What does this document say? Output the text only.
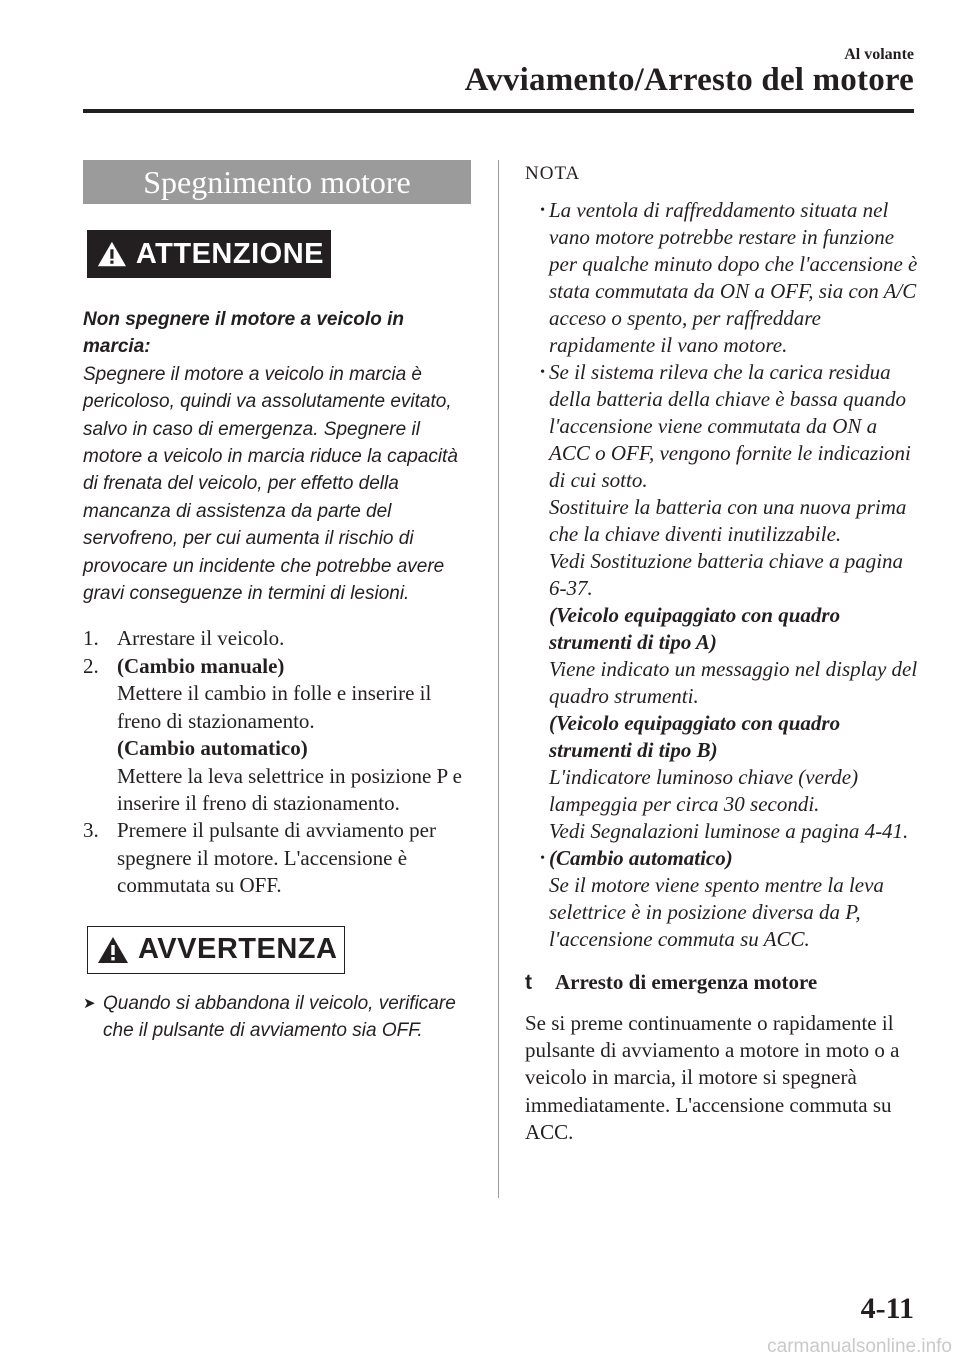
Al volante
Avviamento/Arresto del motore
Spegnimento motore
ATTENZIONE

Non spegnere il motore a veicolo in marcia:

Spegnere il motore a veicolo in marcia è pericoloso, quindi va assolutamente evitato, salvo in caso di emergenza. Spegnere il motore a veicolo in marcia riduce la capacità di frenata del veicolo, per effetto della mancanza di assistenza da parte del servofreno, per cui aumenta il rischio di provocare un incidente che potrebbe avere gravi conseguenze in termini di lesioni.

1. Arrestare il veicolo.
2. (Cambio manuale)
Mettere il cambio in folle e inserire il freno di stazionamento.
(Cambio automatico)
Mettere la leva selettrice in posizione P e inserire il freno di stazionamento.
3. Premere il pulsante di avviamento per spegnere il motore. L'accensione è commutata su OFF.
AVVERTENZA
➤ Quando si abbandona il veicolo, verificare che il pulsante di avviamento sia OFF.

NOTA

• La ventola di raffreddamento situata nel vano motore potrebbe restare in funzione per qualche minuto dopo che l'accensione è stata commutata da ON a OFF, sia con A/C acceso o spento, per raffreddare rapidamente il vano motore.

• Se il sistema rileva che la carica residua della batteria della chiave è bassa quando l'accensione viene commutata da ON a ACC o OFF, vengono fornite le indicazioni di cui sotto.

Sostituire la batteria con una nuova prima che la chiave diventi inutilizzabile.

Vedi Sostituzione batteria chiave a pagina 6-37.

(Veicolo equipaggiato con quadro strumenti di tipo A)

Viene indicato un messaggio nel display del quadro strumenti.

(Veicolo equipaggiato con quadro strumenti di tipo B)

L'indicatore luminoso chiave (verde) lampeggia per circa 30 secondi.

Vedi Segnalazioni luminose a pagina 4-41.

• (Cambio automatico)

Se il motore viene spento mentre la leva selettrice è in posizione diversa da P, l'accensione commuta su ACC.

t	Arresto di emergenza motore

Se si preme continuamente o rapidamente il pulsante di avviamento a motore in moto o a veicolo in marcia, il motore si spegnerà immediatamente. L'accensione commuta su ACC.

4-11
carmanualsonline.info
